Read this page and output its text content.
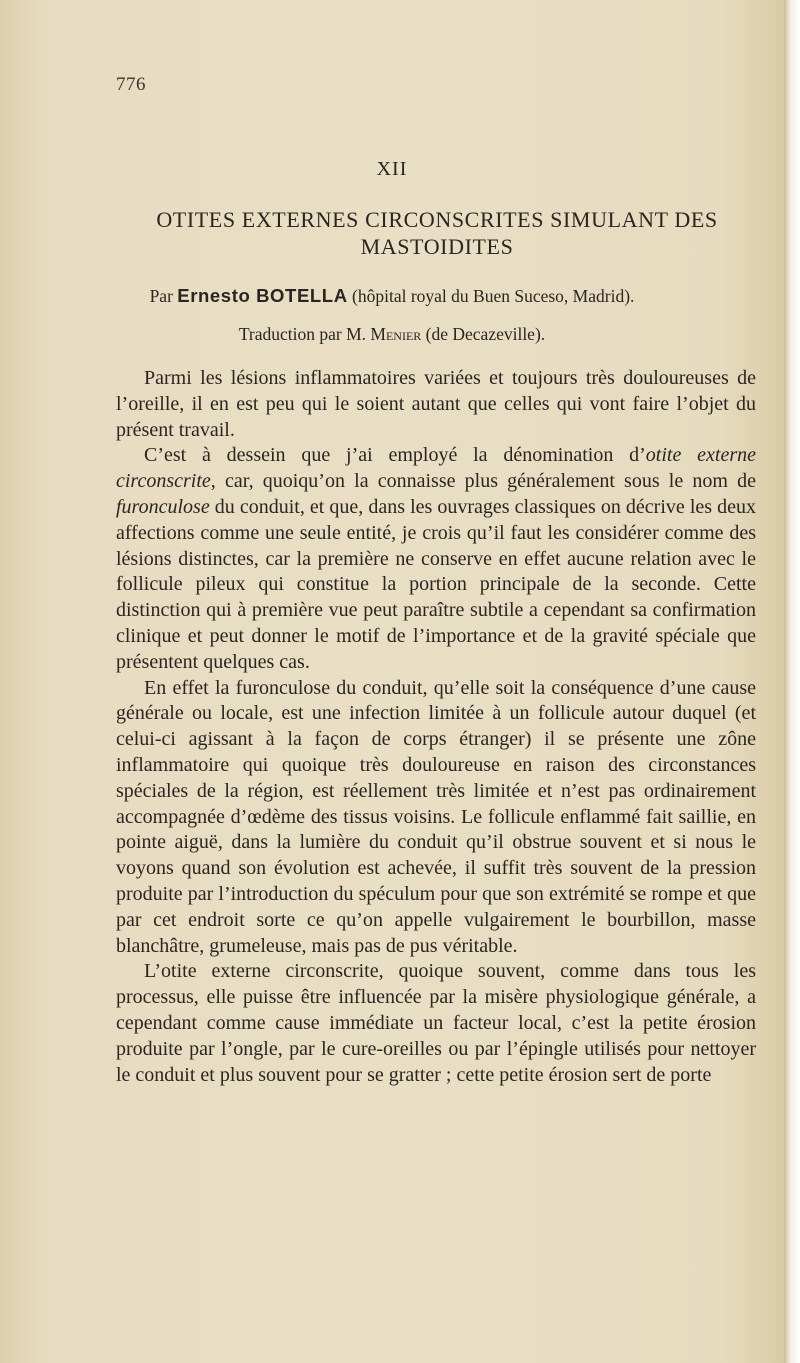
776
XII
OTITES EXTERNES CIRCONSCRITES SIMULANT DES MASTOIDITES
Par Ernesto BOTELLA (hôpital royal du Buen Suceso, Madrid).
Traduction par M. Menier (de Decazeville).

Parmi les lésions inflammatoires variées et toujours très douloureuses de l’oreille, il en est peu qui le soient autant que celles qui vont faire l’objet du présent travail.

C’est à dessein que j’ai employé la dénomination d’otite externe circonscrite, car, quoiqu’on la connaisse plus généralement sous le nom de furonculose du conduit, et que, dans les ouvrages classiques on décrive les deux affections comme une seule entité, je crois qu’il faut les considérer comme des lésions distinctes, car la première ne conserve en effet aucune relation avec le follicule pileux qui constitue la portion principale de la seconde. Cette distinction qui à première vue peut paraître subtile a cependant sa confirmation clinique et peut donner le motif de l’importance et de la gravité spéciale que présentent quelques cas.

En effet la furonculose du conduit, qu’elle soit la conséquence d’une cause générale ou locale, est une infection limitée à un follicule autour duquel (et celui-ci agissant à la façon de corps étranger) il se présente une zône inflammatoire qui quoique très douloureuse en raison des circonstances spéciales de la région, est réellement très limitée et n’est pas ordinairement accompagnée d’œdème des tissus voisins. Le follicule enflammé fait saillie, en pointe aiguë, dans la lumière du conduit qu’il obstrue souvent et si nous le voyons quand son évolution est achevée, il suffit très souvent de la pression produite par l’introduction du spéculum pour que son extrémité se rompe et que par cet endroit sorte ce qu’on appelle vulgairement le bourbillon, masse blanchâtre, grumeleuse, mais pas de pus véritable.

L’otite externe circonscrite, quoique souvent, comme dans tous les processus, elle puisse être influencée par la misère physiologique générale, a cependant comme cause immédiate un facteur local, c’est la petite érosion produite par l’ongle, par le cure-oreilles ou par l’épingle utilisés pour nettoyer le conduit et plus souvent pour se gratter ; cette petite érosion sert de porte
